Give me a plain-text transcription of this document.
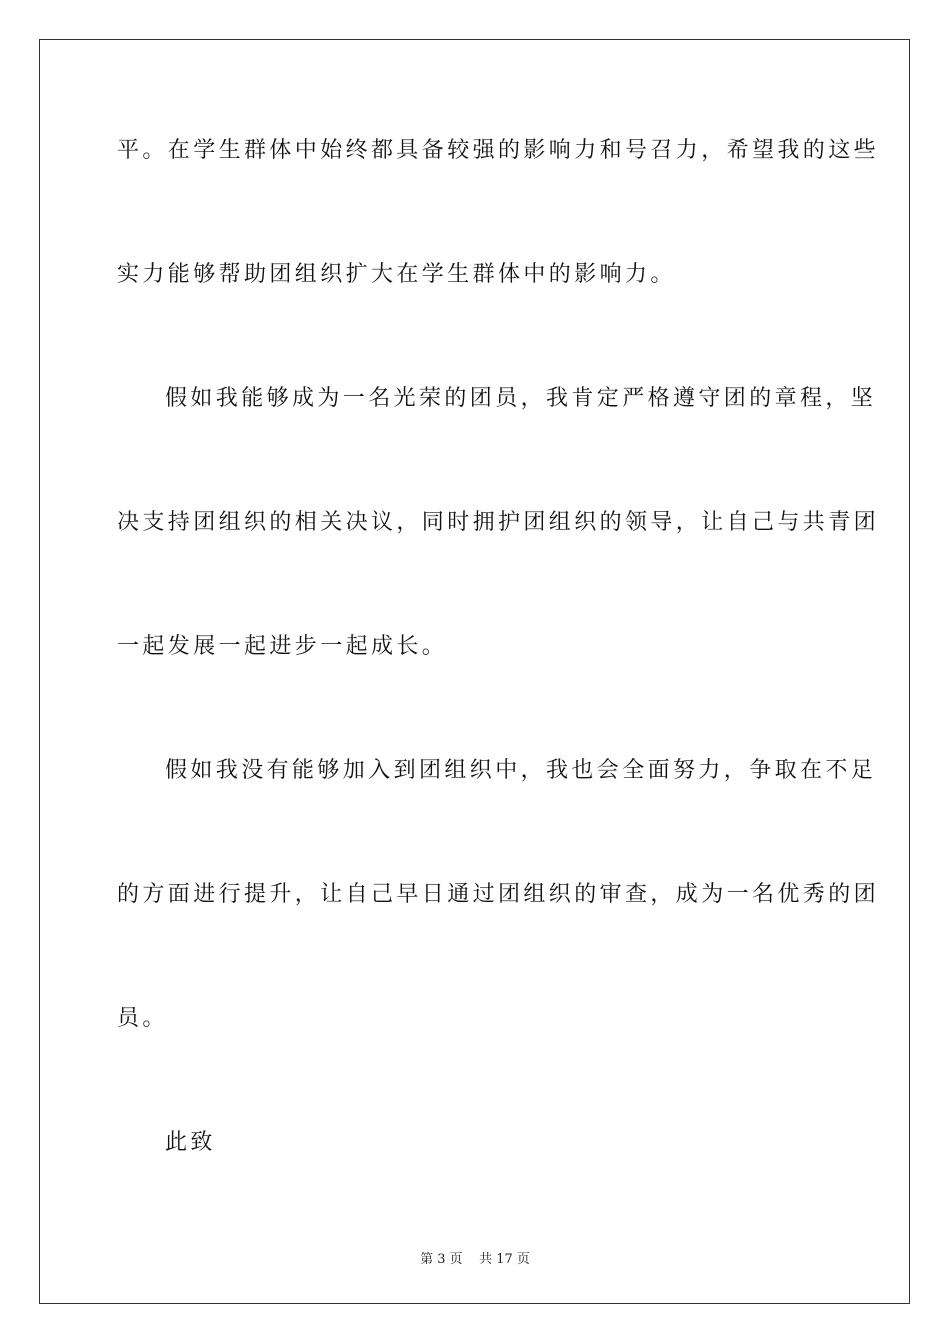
平。在学生群体中始终都具备较强的影响力和号召力，希望我的这些
实力能够帮助团组织扩大在学生群体中的影响力。
假如我能够成为一名光荣的团员，我肯定严格遵守团的章程，坚
决支持团组织的相关决议，同时拥护团组织的领导，让自己与共青团
一起发展一起进步一起成长。
假如我没有能够加入到团组织中，我也会全面努力，争取在不足
的方面进行提升，让自己早日通过团组织的审查，成为一名优秀的团
员。
此致
第 3 页    共 17 页
